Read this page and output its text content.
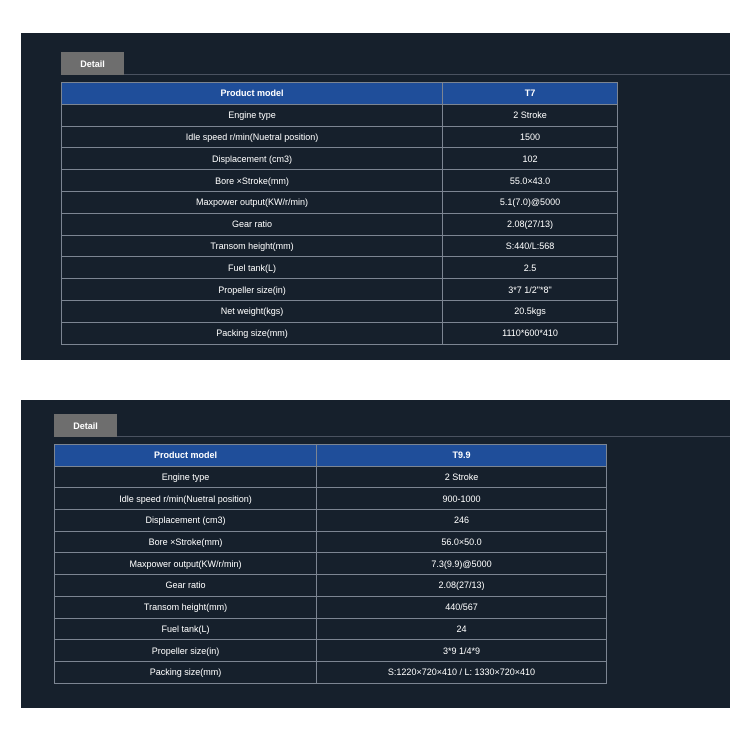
Detail
Product model	T7
Engine type	2 Stroke
Idle speed r/min(Nuetral position)	1500
Displacement (cm3)	102
Bore ×Stroke(mm)	55.0×43.0
Maxpower output(KW/r/min)	5.1(7.0)@5000
Gear ratio	2.08(27/13)
Transom height(mm)	S:440/L:568
Fuel tank(L)	2.5
Propeller size(in)	3*7 1/2"*8"
Net weight(kgs)	20.5kgs
Packing size(mm)	1110*600*410
Detail
Product model	T9.9
Engine type	2 Stroke
Idle speed r/min(Nuetral position)	900-1000
Displacement (cm3)	246
Bore ×Stroke(mm)	56.0×50.0
Maxpower output(KW/r/min)	7.3(9.9)@5000
Gear ratio	2.08(27/13)
Transom height(mm)	440/567
Fuel tank(L)	24
Propeller size(in)	3*9 1/4*9
Packing size(mm)	S:1220×720×410 / L: 1330×720×410
